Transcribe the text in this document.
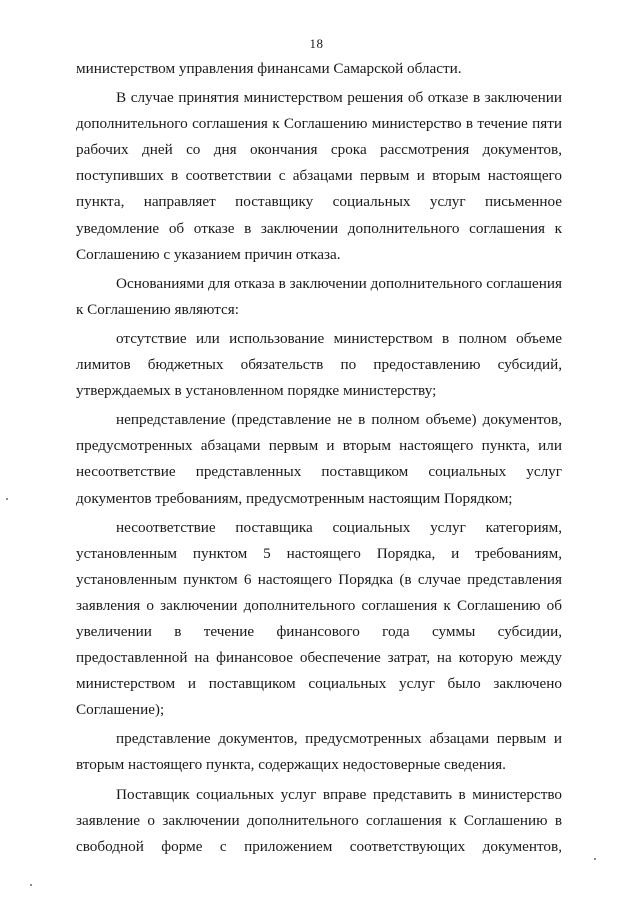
18
министерством управления финансами Самарской области.
В случае принятия министерством решения об отказе в заключении
дополнительного соглашения к Соглашению министерство в течение пяти
рабочих дней со дня окончания срока рассмотрения документов,
поступивших в соответствии с абзацами первым и вторым настоящего
пункта, направляет поставщику социальных услуг письменное
уведомление об отказе в заключении дополнительного соглашения к
Соглашению с указанием причин отказа.
Основаниями для отказа в заключении дополнительного соглашения
к Соглашению являются:
отсутствие или использование министерством в полном объеме
лимитов бюджетных обязательств по предоставлению субсидий,
утверждаемых в установленном порядке министерству;
непредставление (представление не в полном объеме) документов,
предусмотренных абзацами первым и вторым настоящего пункта, или
несоответствие представленных поставщиком социальных услуг
документов требованиям, предусмотренным настоящим Порядком;
несоответствие поставщика социальных услуг категориям,
установленным пунктом 5 настоящего Порядка, и требованиям,
установленным пунктом 6 настоящего Порядка (в случае представления
заявления о заключении дополнительного соглашения к Соглашению об
увеличении в течение финансового года суммы субсидии,
предоставленной на финансовое обеспечение затрат, на которую между
министерством и поставщиком социальных услуг было заключено
Соглашение);
представление документов, предусмотренных абзацами первым и
вторым настоящего пункта, содержащих недостоверные сведения.
Поставщик социальных услуг вправе представить в министерство
заявление о заключении дополнительного соглашения к Соглашению в
свободной форме с приложением соответствующих документов,
